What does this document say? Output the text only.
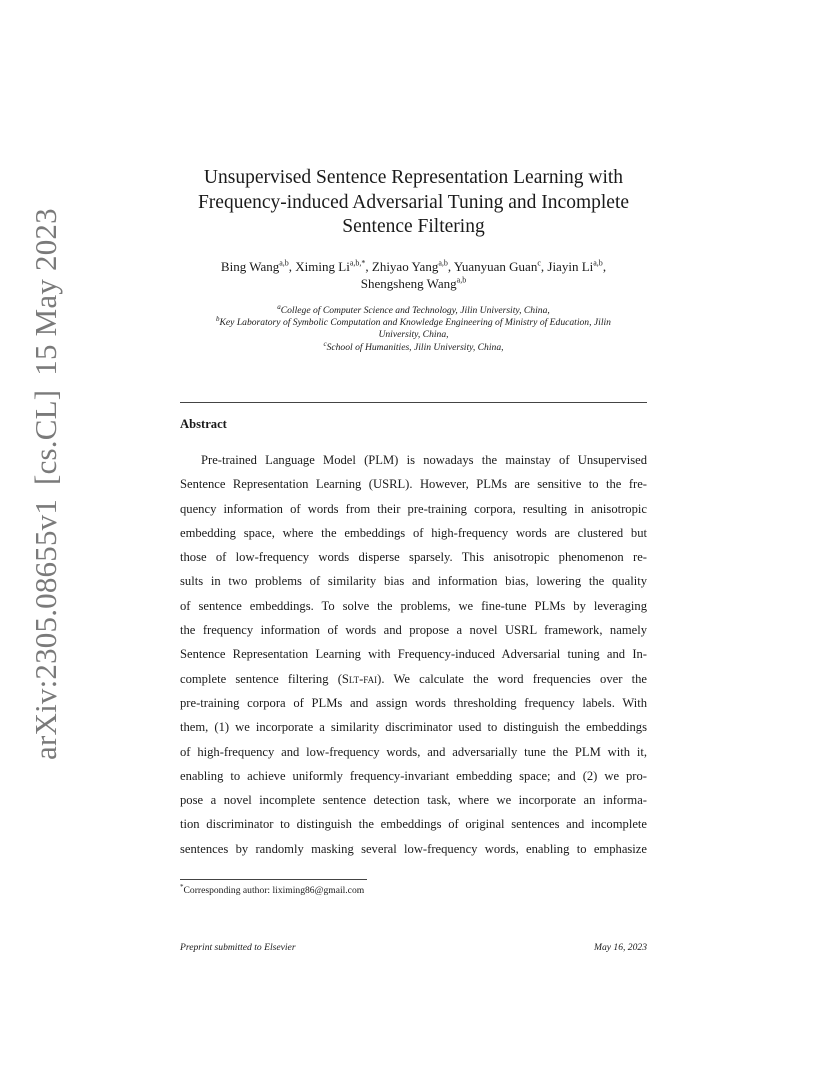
arXiv:2305.08655v1[cs.CL]15 May 2023
Unsupervised Sentence Representation Learning with
Frequency-induced Adversarial Tuning and Incomplete
Sentence Filtering
Bing Wang$^{a,b}$, Ximing $Li^{a,b,*}$, Zhiyao Yang$^{a,b}$, Yuanyuan Guan$^c$, Jiayin Li$^{a,b}$,
Shengsheng Wang$^{a,b}$
$^a$College of Computer Science and Technology, Jilin University, China,
$^b$Key Laboratory of Symbolic Computation and Knowledge Engineering of Ministry of Education, Jilin
University, China,
$^c$School of Humanities, Jilin University, China,
Abstract
Pre-trained Language Model (PLM) is nowadays the mainstay of Unsupervised
Sentence Representation Learning (USRL). However, PLMs are sensitive to the fre-
quency information of words from their pre-training corpora, resulting in anisotropic
embedding space, where the embeddings of high-frequency words are clustered but
those of low-frequency words disperse sparsely. This anisotropic phenomenon re-
sults in two problems of similarity bias and information bias, lowering the quality
of sentence embeddings. To solve the problems, we fine-tune PLMs by leveraging
the frequency information of words and propose a novel USRL framework, namely
Sentence Representation Learning with Frequency-induced Adversarial tuning and In-
complete sentence filtering (Slt-fai). We calculate the word frequencies over the
pre-training corpora of PLMs and assign words thresholding frequency labels. With
them, (1) we incorporate a similarity discriminator used to distinguish the embeddings
of high-frequency and low-frequency words, and adversarially tune the PLM with it,
enabling to achieve uniformly frequency-invariant embedding space; and (2) we pro-
pose a novel incomplete sentence detection task, where we incorporate an informa-
tion discriminator to distinguish the embeddings of original sentences and incomplete
sentences by randomly masking several low-frequency words, enabling to emphasize
*Corresponding author: liximing86@gmail.com
Preprint submitted to Elsevier	May 16, 2023
